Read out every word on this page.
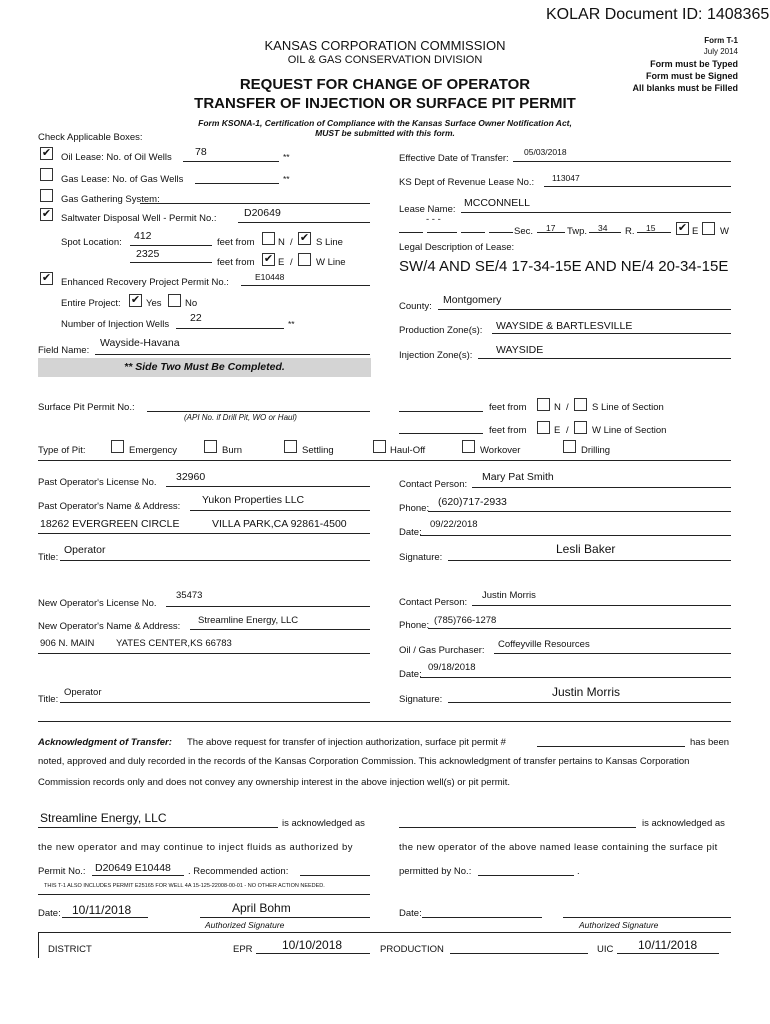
KOLAR Document ID: 1408365
KANSAS CORPORATION COMMISSION
OIL & GAS CONSERVATION DIVISION
Form T-1
July 2014
Form must be Typed
Form must be Signed
All blanks must be Filled
REQUEST FOR CHANGE OF OPERATOR
TRANSFER OF INJECTION OR SURFACE PIT PERMIT
Form KSONA-1, Certification of Compliance with the Kansas Surface Owner Notification Act,
MUST be submitted with this form.
Check Applicable Boxes:
✔ Oil Lease: No. of Oil Wells 78	**
Gas Lease: No. of Gas Wells	**
Gas Gathering System:
✔ Saltwater Disposal Well - Permit No.:	D20649
Spot Location:
412
feet from N / ✔ S Line
2325
feet from ✔ E / W Line
✔ Enhanced Recovery Project Permit No.:	E10448
Entire Project: ✔ Yes No
Number of Injection Wells
22	**
Field Name:
Wayside-Havana
** Side Two Must Be Completed.
Effective Date of Transfer:
05/03/2018
KS Dept of Revenue Lease No.: 113047
Lease Name:
MCCONNELL
- - -
Sec. 17 Twp. 34 R. 15 ✔ E W
Legal Description of Lease:
SW/4 AND SE/4 17-34-15E AND NE/4 20-34-15E
County:
Montgomery
Production Zone(s): WAYSIDE & BARTLESVILLE
Injection Zone(s): WAYSIDE
Surface Pit Permit No.:
(API No. if Drill Pit, WO or Haul)
feet from	N / S Line of Section
feet from	E / W Line of Section
Type of Pit:	Emergency	Burn	Settling	Haul-Off	Workover	Drilling
Past Operator's License No. 32960
Contact Person:
Mary Pat Smith
Past Operator's Name & Address:
Yukon Properties LLC
Phone:
(620)717-2933
18262 EVERGREEN CIRCLE	VILLA PARK,CA 92861-4500
Date:
09/22/2018
Title:
Operator
Signature:
Lesli Baker
New Operator's License No.
35473
Contact Person:
Justin Morris
New Operator's Name & Address:
Streamline Energy, LLC	Phone: (785)766-1278
906 N. MAIN YATES CENTER,KS 66783
Oil / Gas Purchaser:
Coffeyville Resources
Date:
09/18/2018
Title:
Operator
Signature:
Justin Morris
Acknowledgment of Transfer: The above request for transfer of injection authorization, surface pit permit #	has been
noted, approved and duly recorded in the records of the Kansas Corporation Commission. This acknowledgment of transfer pertains to Kansas Corporation
Commission records only and does not convey any ownership interest in the above injection well(s) or pit permit.
Streamline Energy, LLC	is acknowledged as	is acknowledged as
the new operator and may continue to inject fluids as authorized by	the new operator of the above named lease containing the surface pit
Permit No.: D20649 E10448 . Recommended action:	permitted by No.:	.
THIS T-1 ALSO INCLUDES PERMIT E25165 FOR WELL 4A 15-125-22008-00-01 - NO OTHER ACTION NEEDED.
Date: 10/11/2018	April Bohm
Authorized Signature
Date:
Authorized Signature
DISTRICT	EPR 10/10/2018	PRODUCTION	UIC 10/11/2018
